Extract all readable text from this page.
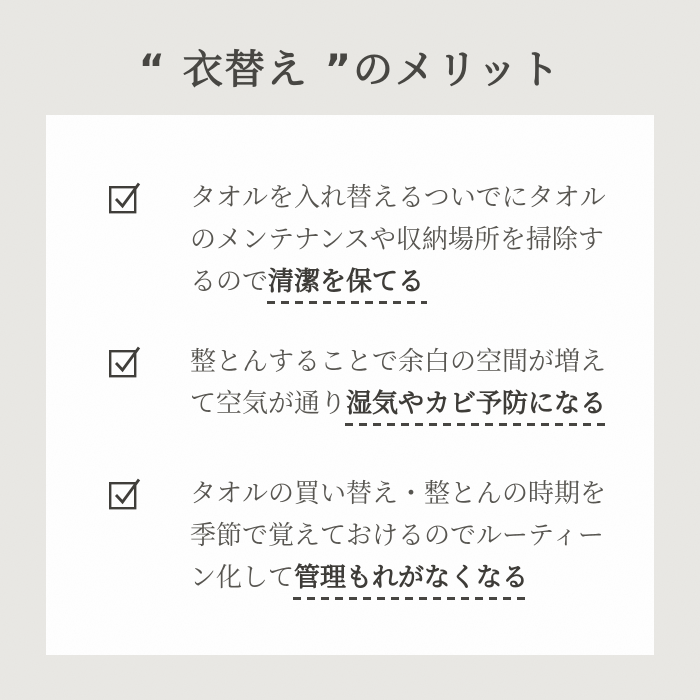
“ 衣替え ”のメリット
タオルを入れ替えるついでにタオル
のメンテナンスや収納場所を掃除す
るので清潔を保てる
整とんすることで余白の空間が増え
て空気が通り湿気やカビ予防になる
タオルの買い替え・整とんの時期を
季節で覚えておけるのでルーティー
ン化して管理もれがなくなる
